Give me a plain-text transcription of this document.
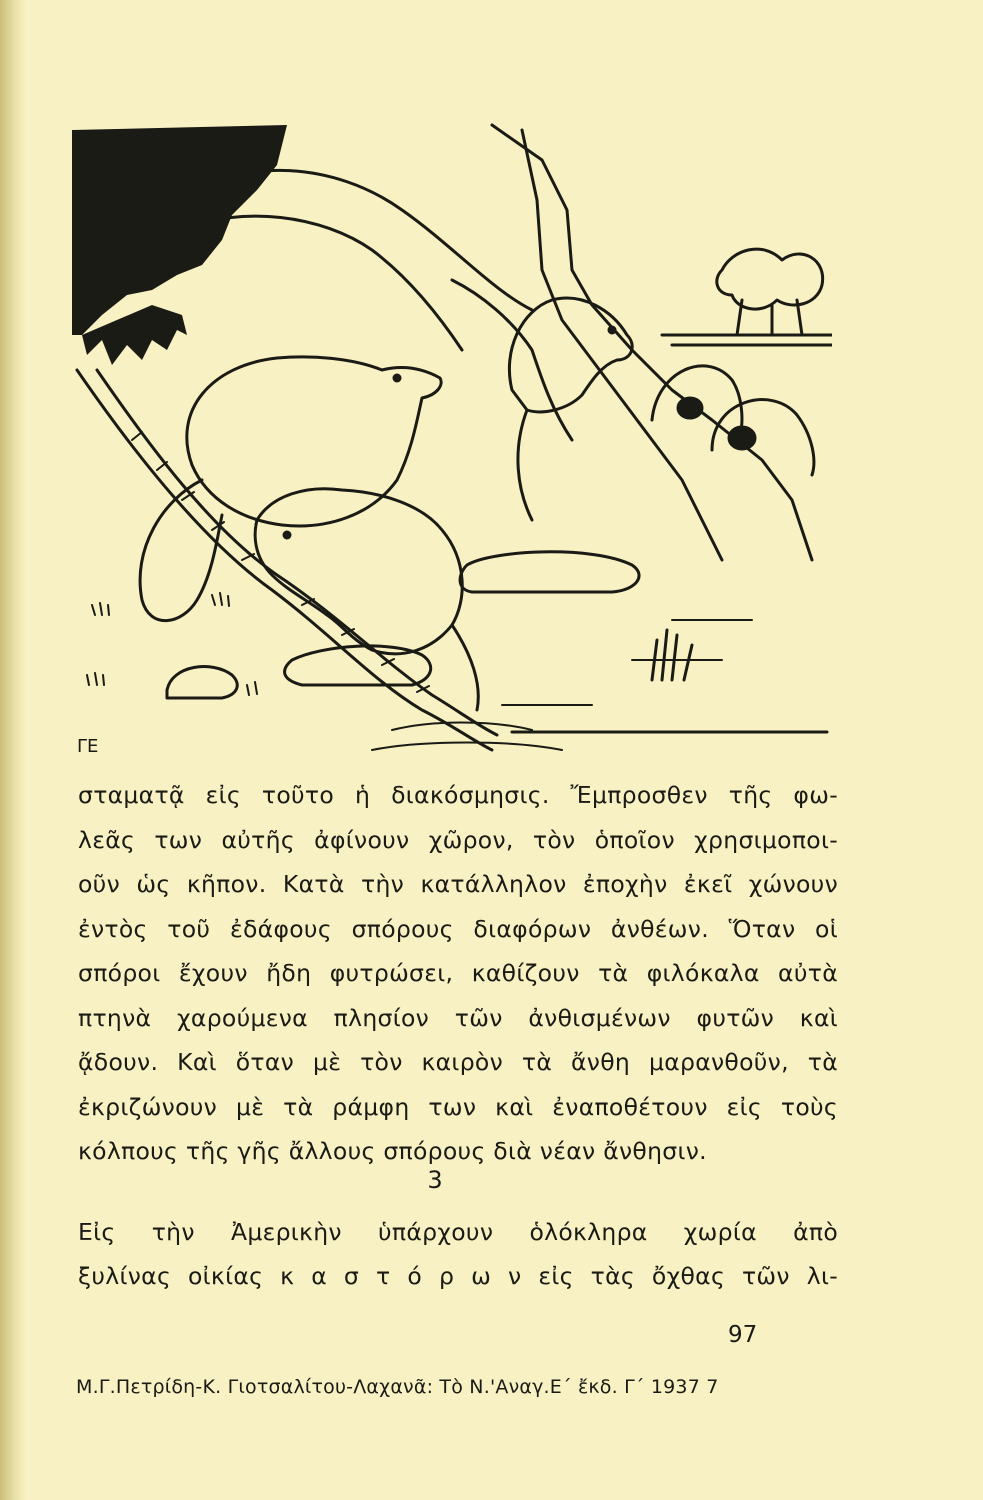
ΓΕ
σταματᾷ εἰς τοῦτο ἡ διακόσμησις. Ἔμπροσθεν τῆς φω-
λεᾶς των αὐτῆς ἀφίνουν χῶρον, τὸν ὁποῖον χρησιμοποι-
οῦν ὡς κῆπον. Κατὰ τὴν κατάλληλον ἐποχὴν ἐκεῖ χώνουν
ἐντὸς τοῦ ἐδάφους σπόρους διαφόρων ἀνθέων. Ὅταν οἱ
σπόροι ἔχουν ἤδη φυτρώσει, καθίζουν τὰ φιλόκαλα αὐτὰ
πτηνὰ χαρούμενα πλησίον τῶν ἀνθισμένων φυτῶν καὶ
ᾄδουν. Καὶ ὅταν μὲ τὸν καιρὸν τὰ ἄνθη μαρανθοῦν, τὰ
ἐκριζώνουν μὲ τὰ ράμφη των καὶ ἐναποθέτουν εἰς τοὺς
κόλπους τῆς γῆς ἄλλους σπόρους διὰ νέαν ἄνθησιν.
3
Εἰς τὴν Ἀμερικὴν ὑπάρχουν ὁλόκληρα χωρία ἀπὸ
ξυλίνας οἰκίας κ α σ τ ό ρ ω ν εἰς τὰς ὄχθας τῶν λι-
97
Μ.Γ.Πετρίδη-Κ. Γιοτσαλίτου-Λαχανᾶ: Τὸ Ν.'Αναγ.Ε΄ ἔκδ. Γ΄ 1937 7
